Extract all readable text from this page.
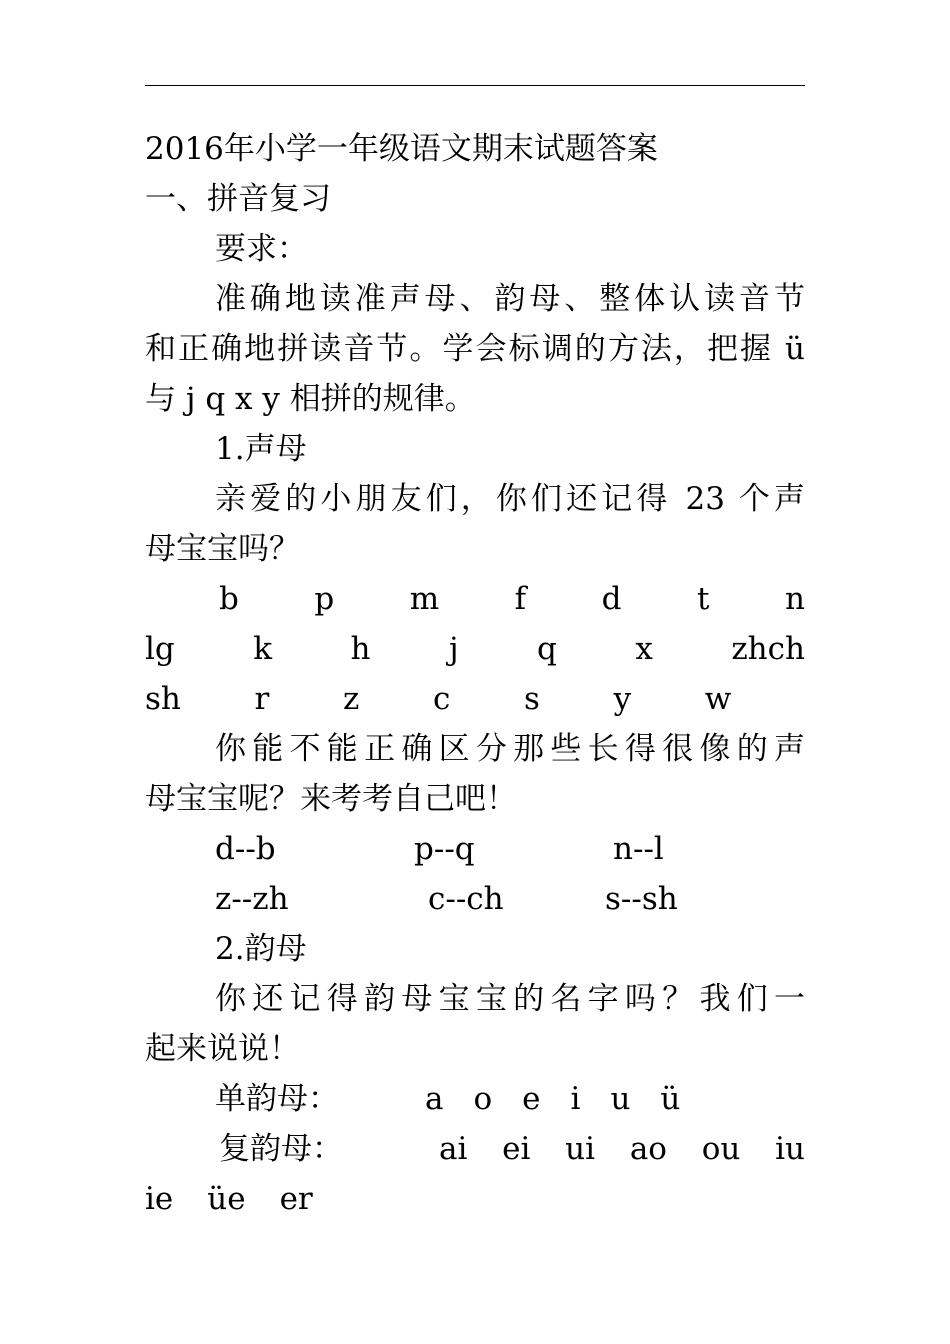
2016年小学一年级语文期末试题答案
一、拼音复习
要求：
准确地读准声母、韵母、整体认读音节
和正确地拼读音节。学会标调的方法，把握 ü
与 j q x y 相拼的规律。
1.声母
亲爱的小朋友们，你们还记得 23 个声
母宝宝吗？
b p m f d t n
lg	k	h	j	q	x	zhch
sh r z c s y w
你能不能正确区分那些长得很像的声
母宝宝呢？来考考自己吧！
d--b	p--q	n--l
z--zh	c--ch	s--sh
2.韵母
你还记得韵母宝宝的名字吗？我们一
起来说说！
单韵母：	a o e i u ü
复韵母：	ai ei ui ao ou iu
ie üe er
